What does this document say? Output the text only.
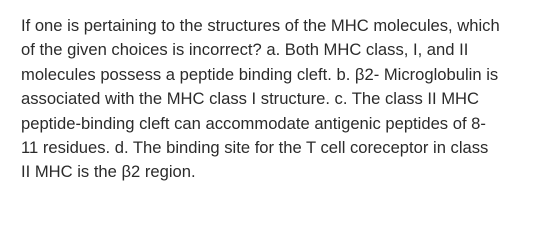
If one is pertaining to the structures of the MHC molecules, which
of the given choices is incorrect? a. Both MHC class, I, and II
molecules possess a peptide binding cleft. b. β2- Microglobulin is
associated with the MHC class I structure. c. The class II MHC
peptide-binding cleft can accommodate antigenic peptides of 8-
11 residues. d. The binding site for the T cell coreceptor in class
II MHC is the β2 region.
